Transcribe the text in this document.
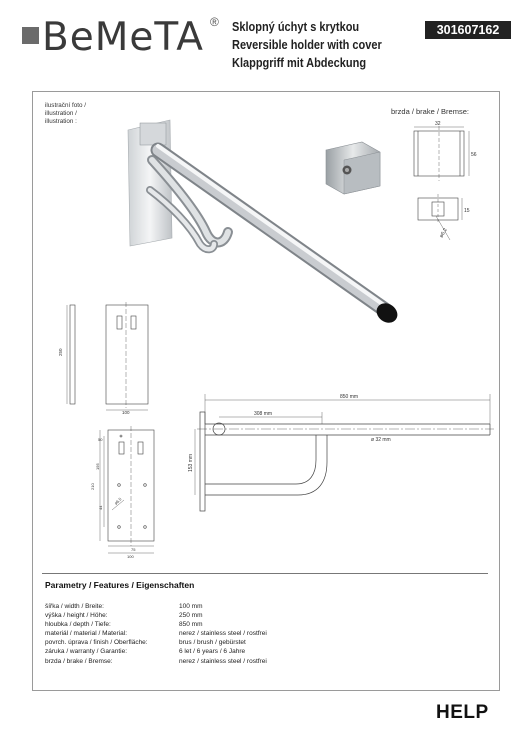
BeMeTA ® Sklopný úchyt s krytkou
Reversible holder with cover
Klappgriff mit Abdeckung
301607162
ilustrační foto /
illustration /
illustration :
brzda / brake / Bremse:
32
56
15
ø6.2
250
100
50
195
210
44
ø6.5
75
100
850 mm
308 mm
ø 32 mm
153 mm
Parametry / Features / Eigenschaften
šířka / width / Breite:	100 mm
výška / height / Höhe:	250 mm
hloubka / depth / Tiefe:	850 mm
materiál / material / Material:	nerez / stainless steel / rostfrei
povrch. úprava / finish / Oberfläche:	brus / brush / gebürstet
záruka / warranty / Garantie:	6 let / 6 years / 6 Jahre
brzda / brake / Bremse:	nerez / stainless steel / rostfrei
HELP
